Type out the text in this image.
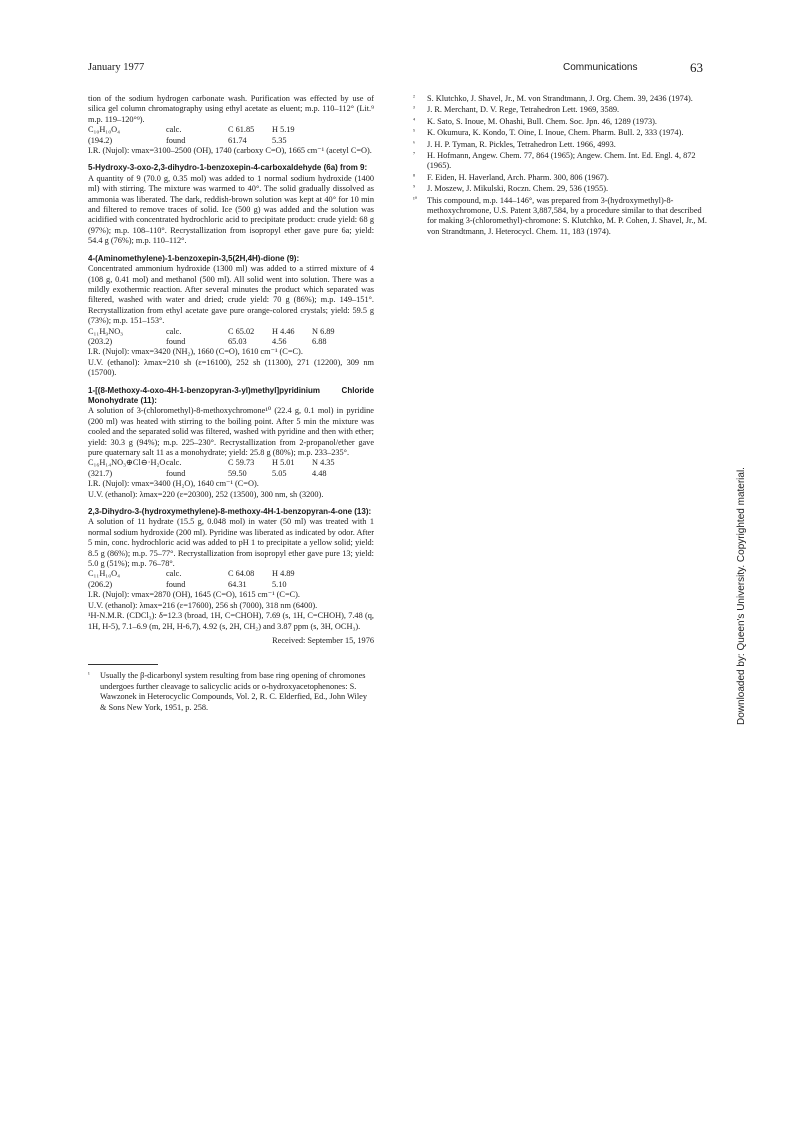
January 1977	Communications	63

tion of the sodium hydrogen carbonate wash. Purification was effected by use of silica gel column chromatography using ethyl acetate as eluent; m.p. 110–112° (Lit.⁹ m.p. 119–120°⁹).

C₁₀H₁₀O₄	calc.	C 61.85	H 5.19
(194.2)	found	61.74	5.35

I.R. (Nujol): νmax=3100–2500 (OH), 1740 (carboxy C=O), 1665 cm⁻¹ (acetyl C=O).

5-Hydroxy-3-oxo-2,3-dihydro-1-benzoxepin-4-carboxaldehyde (6a) from 9:

A quantity of 9 (70.0 g, 0.35 mol) was added to 1 normal sodium hydroxide (1400 ml) with stirring. The mixture was warmed to 40°. The solid gradually dissolved as ammonia was liberated. The dark, reddish-brown solution was kept at 40° for 10 min and filtered to remove traces of solid. Ice (500 g) was added and the solution was acidified with concentrated hydrochloric acid to precipitate product: crude yield: 68 g (97%); m.p. 108–110°. Recrystallization from isopropyl ether gave pure 6a; yield: 54.4 g (76%); m.p. 110–112°.

4-(Aminomethylene)-1-benzoxepin-3,5(2H,4H)-dione (9):

Concentrated ammonium hydroxide (1300 ml) was added to a stirred mixture of 4 (108 g, 0.41 mol) and methanol (500 ml). All solid went into solution. There was a mildly exothermic reaction. After several minutes the product which separated was filtered, washed with water and dried; crude yield: 70 g (86%); m.p. 149–151°. Recrystallization from ethyl acetate gave pure orange-colored crystals; yield: 59.5 g (73%); m.p. 151–153°.

C₁₁H₉NO₃	calc.	C 65.02	H 4.46	N 6.89
(203.2)	found	65.03	4.56	6.88

I.R. (Nujol): νmax=3420 (NH₂), 1660 (C=O), 1610 cm⁻¹ (C=C).

U.V. (ethanol): λmax=210 sh (ε=16100), 252 sh (11300), 271 (12200), 309 nm (15700).

1-[(8-Methoxy-4-oxo-4H-1-benzopyran-3-yl)methyl]pyridinium Chloride Monohydrate (11):

A solution of 3-(chloromethyl)-8-methoxychromone¹⁰ (22.4 g, 0.1 mol) in pyridine (200 ml) was heated with stirring to the boiling point. After 5 min the mixture was cooled and the separated solid was filtered, washed with pyridine and then with ether; yield: 30.3 g (94%); m.p. 225–230°. Recrystallization from 2-propanol/ether gave pure quaternary salt 11 as a monohydrate; yield: 25.8 g (80%); m.p. 233–235°.

C₁₆H₁₄NO₃⊕Cl⊖·H₂O calc.	C 59.73	H 5.01	N 4.35
(321.7)	found	59.50	5.05	4.48

I.R. (Nujol): νmax=3400 (H₂O), 1640 cm⁻¹ (C=O).

U.V. (ethanol): λmax=220 (ε=20300), 252 (13500), 300 nm, sh (3200).

2,3-Dihydro-3-(hydroxymethylene)-8-methoxy-4H-1-benzopyran-4-one (13):

A solution of 11 hydrate (15.5 g, 0.048 mol) in water (50 ml) was treated with 1 normal sodium hydroxide (200 ml). Pyridine was liberated as indicated by odor. After 5 min, conc. hydrochloric acid was added to pH 1 to precipitate a yellow solid; yield: 8.5 g (86%); m.p. 75–77°. Recrystallization from isopropyl ether gave pure 13; yield: 5.0 g (51%); m.p. 76–78°.

C₁₁H₁₀O₄	calc.	C 64.08	H 4.89
(206.2)	found	64.31	5.10

I.R. (Nujol): νmax=2870 (OH), 1645 (C=O), 1615 cm⁻¹ (C=C).

U.V. (ethanol): λmax=216 (ε=17600), 256 sh (7000), 318 nm (6400).

¹H-N.M.R. (CDCl₃): δ=12.3 (broad, 1H, C=CHOH), 7.69 (s, 1H, C=CHOH), 7.48 (q, 1H, H-5), 7.1–6.9 (m, 2H, H-6,7), 4.92 (s, 2H, CH₂) and 3.87 ppm (s, 3H, OCH₃).

Received: September 15, 1976

¹	Usually the β-dicarbonyl system resulting from base ring opening of chromones undergoes further cleavage to salicyclic acids or o-hydroxyacetophenones: S. Wawzonek in Heterocyclic Compounds, Vol. 2, R. C. Elderfied, Ed., John Wiley & Sons New York, 1951, p. 258.
²	S. Klutchko, J. Shavel, Jr., M. von Strandtmann, J. Org. Chem. 39, 2436 (1974).
³	J. R. Merchant, D. V. Rege, Tetrahedron Lett. 1969, 3589.
⁴	K. Sato, S. Inoue, M. Ohashi, Bull. Chem. Soc. Jpn. 46, 1289 (1973).
⁵	K. Okumura, K. Kondo, T. Oine, I. Inoue, Chem. Pharm. Bull. 2, 333 (1974).
⁶	J. H. P. Tyman, R. Pickles, Tetrahedron Lett. 1966, 4993.
⁷	H. Hofmann, Angew. Chem. 77, 864 (1965); Angew. Chem. Int. Ed. Engl. 4, 872 (1965).
⁸	F. Eiden, H. Haverland, Arch. Pharm. 300, 806 (1967).
⁹	J. Moszew, J. Mikulski, Roczn. Chem. 29, 536 (1955).
¹⁰	This compound, m.p. 144–146°, was prepared from 3-(hydroxymethyl)-8-methoxychromone, U.S. Patent 3,887,584, by a procedure similar to that described for making 3-(chloromethyl)-chromone: S. Klutchko, M. P. Cohen, J. Shavel, Jr., M. von Strandtmann, J. Heterocycl. Chem. 11, 183 (1974).
Downloaded by: Queen's University. Copyrighted material.
